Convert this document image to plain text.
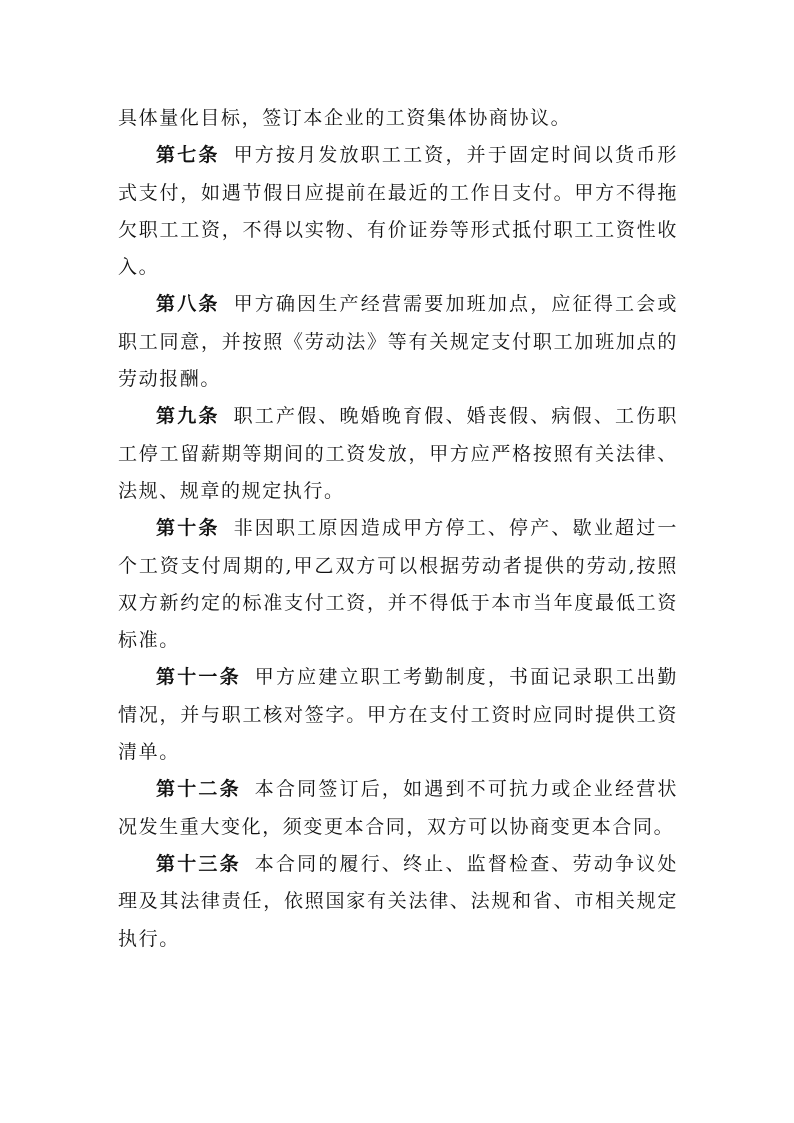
具体量化目标，签订本企业的工资集体协商协议。

第七条 甲方按月发放职工工资，并于固定时间以货币形式支付，如遇节假日应提前在最近的工作日支付。甲方不得拖欠职工工资，不得以实物、有价证券等形式抵付职工工资性收入。

第八条 甲方确因生产经营需要加班加点，应征得工会或职工同意，并按照《劳动法》等有关规定支付职工加班加点的劳动报酬。

第九条 职工产假、晚婚晚育假、婚丧假、病假、工伤职工停工留薪期等期间的工资发放，甲方应严格按照有关法律、法规、规章的规定执行。

第十条 非因职工原因造成甲方停工、停产、歇业超过一个工资支付周期的,甲乙双方可以根据劳动者提供的劳动,按照双方新约定的标准支付工资，并不得低于本市当年度最低工资标准。

第十一条 甲方应建立职工考勤制度，书面记录职工出勤情况，并与职工核对签字。甲方在支付工资时应同时提供工资清单。

第十二条 本合同签订后，如遇到不可抗力或企业经营状况发生重大变化，须变更本合同，双方可以协商变更本合同。

第十三条 本合同的履行、终止、监督检查、劳动争议处理及其法律责任，依照国家有关法律、法规和省、市相关规定执行。
